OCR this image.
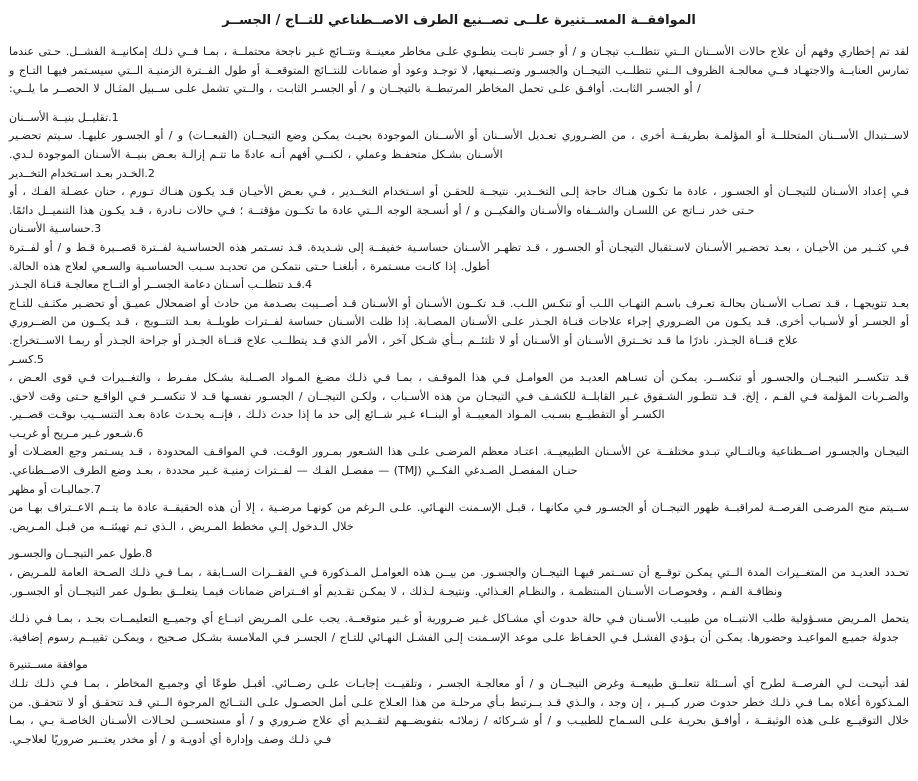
الموافقــة المســتنيرة علــى تصــنيع الطرف الاصــطناعي للتــاج / الجســر

لقد تم إخطاري وفهم أن علاج حالات الأســنان الــتي تتطلــب تيجـان و / أو جسـر ثابـت ينطـوي علـى مخاطر معينــة ونتــائج غـير ناجحة محتملــة ، بمـا فــي ذلـك إمكانيــة الفشــل. حـتى عندما تمارس العنايــة والاجتهـاد فــي معالجـة الظروف الــتي تتطلــب التيجــان والجسـور وتصــنيعها, لا توجـد وعود أو ضمانات للنتــائج المتوقعــة أو طول الفــترة الزمنيـة الــتي سيسـتمر فيهـا التـاج و / أو الجسـر الثابـت. أوافـق علـى تحمل المخاطر المرتبطــة بالتيجــان و / أو الجسـر الثابـت ، والــتي تشمل علـى ســبيل المثـال لا الحصــر ما يلــي:

1.تقليــل بنيــة الأســنان

لاســتبدال الأســنان المتحللــة أو المؤلمـة بطريقــة أخرى ، من الضـروري تعـديل الأســنان أو الأســنان الموجودة بحيـث يمكـن وضع التيجــان (القبعــات) و / أو الجسـور عليهـا. سـيتم تحضـير الأسـنان بشـكل متحفـظ وعملي ، لكنــي أفهم أنـه عادةً ما تتـم إزالـة بعـض بنيــة الأسـنان الموجودة لـدي.

2.الخـدر بعـد اسـتخدام التخــدير

فـي إعداد الأسـنان للتيجــان أو الجسـور ، عادة ما تكـون هنـاك حاجة إلـى التخــدير. نتيجــة للحقـن أو اسـتخدام التخــدير ، فـي بعـض الأحيـان قـد يكـون هنـاك تـورم ، حنان عضـلة الفـك ، أو حـتى خدر نــاتج عن اللسـان والشــفاه والأسـنان والفكيــن و / أو أنسـجة الوجه الــتي عادة ما تكــون مؤقتــة ؛ فـي حالات نـادرة ، قـد يكـون هذا التنميــل دائمًا.

3.حساسـية الأسـنان

فـي كثــير من الأحيـان ، بعـد تحضـير الأسـنان لاسـتقبال التيجـان أو الجسـور ، قـد تظهـر الأسـنان حساسـية خفيفــة إلى شـديدة. قـد تسـتمر هذه الحساسـية لفــترة قصــيرة قـط و / أو لفــترة أطول. إذا كانـت مسـتمرة ، أبلغنـا حـتى نتمكـن من تحديـد سـبب الحساسـية والسـعي لعلاج هذه الحالة.

4.قـد تتطلــب أسـنان دعامة الجســر أو التــاج معالجـة قنـاة الجـذر

بعـد تتويجهـا ، قـد تصـاب الأسـنان بحالـة تعـرف باسـم التهـاب اللـب أو تنكـس اللـب. قـد تكــون الأسـنان أو الأسـنان قـد أصــيبت بصـدمة من حادث أو اضمحلال عميـق أو تحضـير مكثـف للتـاج أو الجسـر أو لأسـباب أخرى. قـد يكـون من الضـروري إجراء علاجات قنـاة الجـذر علـى الأسـنان المصـابة. إذا ظلت الأسـنان حساسة لفــترات طويلــة بعـد التتــويج ، قـد يكــون من الضــروري علاج قنــاة الجـذر. نادرًا ما قـد تخــترق الأسـنان أو الأسـنان أو لا تلتئــم بــأي شـكل آخر ، الأمر الذي قـد يتطلــب علاج قنــاة الجـذر أو جراحة الجـذر أو ربمـا الاســتخراج.

5.كسـر

قـد تتكســر التيجــان والجسـور أو تنكســر. يمكـن أن تسـاهم العديـد من العوامـل فـي هذا الموقـف ، بمـا فـي ذلـك مضـغ المـواد الصــلبة بشـكل مفـرط ، والتغــيرات فـي قوى العـض ، والضـربات المؤلمة فـي الفـم ، إلخ. قـد تتطـور الشـقوق غـير القابلــة للكشـف فـي التيجـان من هذه الأسـباب ، ولكـن التيجــان / الجسـور نفسـها قـد لا تنكســر فـي الواقـع حـتى وقت لاحق. الكسـر أو التقطيــع بسـبب المـواد المعيبــة أو البنــاء غـير شــائع إلى حد ما إذا حدث ذلـك ، فإنــه يحـدث عادة بعـد التنســيب بوقـت قصــير.

6.شـعور غـير مـريح أو غريـب

التيجـان والجسـور اصــطناعية وبالتــالي تبـدو مختلفــة عن الأسـنان الطبيعيــة. اعتـاد معظم المرضـى علـى هذا الشـعور بمـرور الوقـت. فـي المواقـف المحدودة ، قـد يسـتمر وجع العضـلات أو حنـان المفصـل الصـدغي الفكــي (TMJ) — مفصـل الفـك — لفــترات زمنيـة غـير محددة ، بعـد وضع الطرف الاصــطناعي.

7.جماليـات أو مظهر

ســيتم منح المرضـى الفرصــة لمراقبــة ظهور التيجــان أو الجسـور فـي مكانهـا ، قبـل الإسـمنت النهـائي. علـى الـرغم من كونهـا مرضـية ، إلا أن هذه الحقيقــة عادة ما يتــم الاعــتراف بهـا من خلال الـدخول إلـي مخطط المـريض ، الـذي تـم تهيئتــه من قبـل المـريض.

8.طول عمر التيجــان والجسـور

تحـدد العديـد من المتغــيرات المدة الــتي يمكـن توقــع أن تســتمر فيهـا التيجــان والجسـور. من بيــن هذه العوامـل المـذكورة فـي الفقــرات الســابقة ، بمـا فـي ذلـك الصـحة العامة للمـريض ، ونظافـة الفـم ، وفحوصـات الأسـنان المنتظمـة ، والنظـام الغـذائي. ونتيجـة لـذلك ، لا يمكـن تقـديم أو افــتراض ضمانات فيمـا يتعلــق بطـول عمر التيجــان أو الجسـور.

يتحمل المـريض مسـؤولية طلب الانتبــاه من طبيـب الأسـنان فـي حالة حدوث أي مشـاكل غـير ضـرورية أو غـير متوقعــة. يجب علـى المـريض اتبــاع أي وجميــع التعليمــات بجـد ، بمـا فـي ذلـك جدولة جميـع المواعيـد وحضورها. يمكـن أن يـؤدي الفشـل فـي الحفـاظ علـى موعد الإسـمنت إلـى الفشـل النهـائي للتـاج / الجسـر فـي الملامسة بشـكل صـحيح ، ويمكـن تقييــم رسوم إضافية.

موافقة مســتنيرة

لقد أتيحـت لـي الفرصــة لطرح أي أســئلة تتعلــق طبيعــة وغرض التيجــان و / أو معالجـة الجسـر ، وتلقيــت إجابـات علـى رضــائي. أقبـل طوعًا أي وجميـع المخاطر ، بمـا فـي ذلـك تلـك المـذكورة أعلاه بمـا فـي ذلـك خطر حدوث ضرر كبــير ، إن وجد ، والـذي قـد يــرتبط بـأي مرحلـة من هذا العـلاج علـى أمل الحصـول علـى النتــائج المرجوة الــتي قـد تتحقـق أو لا تتحقـق. من خلال التوقيــع علـى هذه الوثيقــة ، أوافـق بحريـة علـى السـماح للطبيـب و / أو شـركائه / زملائـه بتفويضــهم لتقــديم أي علاج ضـروري و / أو مستحســن لحـالات الأسـنان الخاصـة بـي ، بمـا فـي ذلـك وصف وإدارة أي أدويـة و / أو مخدر يعتــبر ضروريًا لعلاجـي.
